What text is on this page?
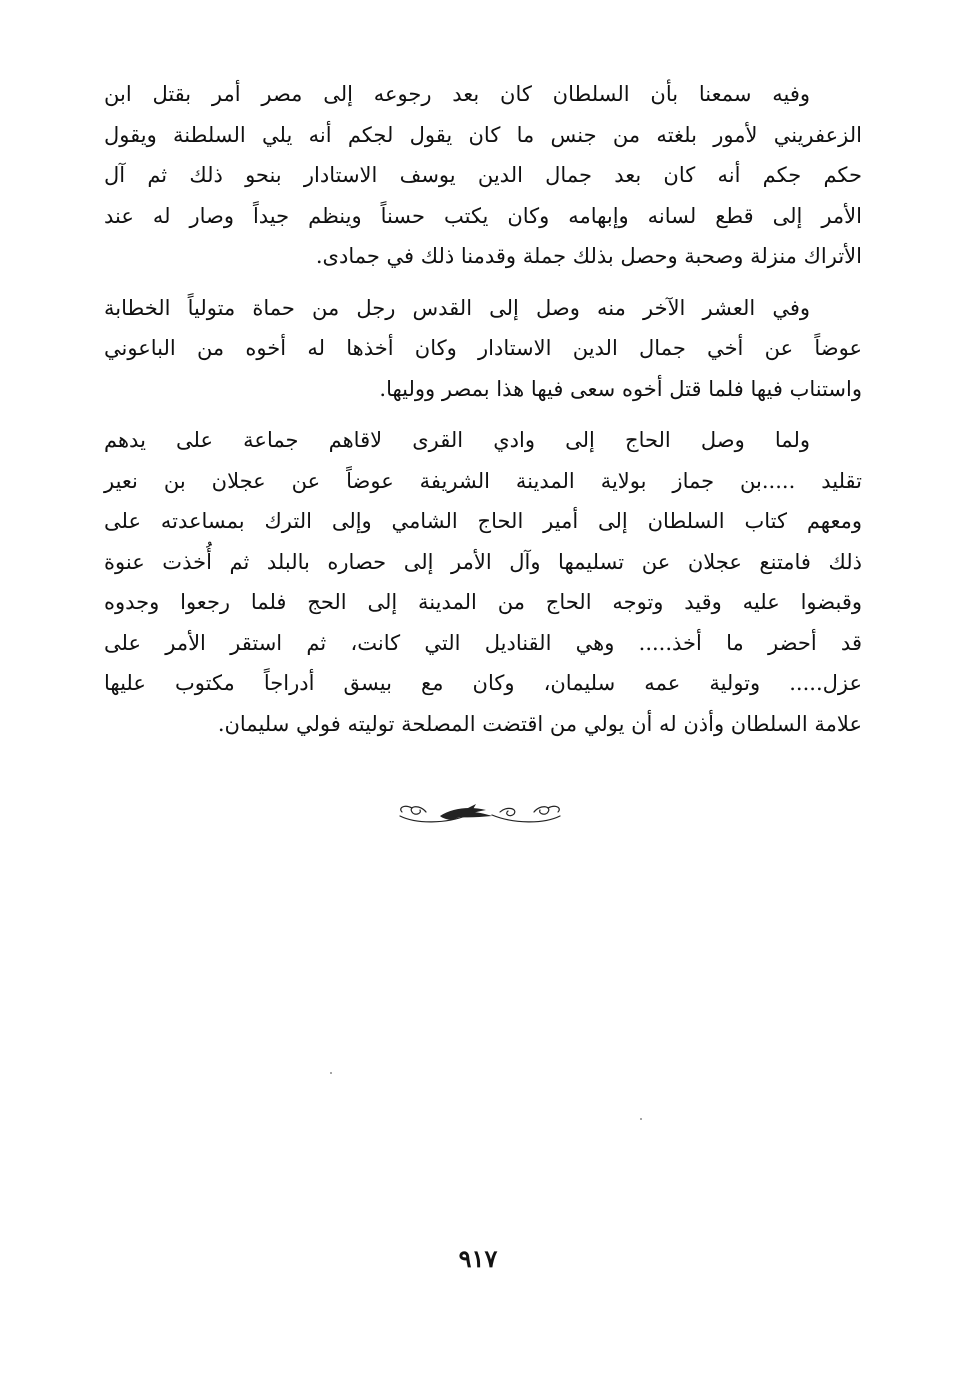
وفيه سمعنا بأن السلطان كان بعد رجوعه إلى مصر أمر بقتل ابن
الزعفريني لأمور بلغته من جنس ما كان يقول لجكم أنه يلي السلطنة ويقول
حكم جكم أنه كان بعد جمال الدين يوسف الاستادار بنحو ذلك ثم آل
الأمر إلى قطع لسانه وإبهامه وكان يكتب حسناً وينظم جيداً وصار له عند
الأتراك منزلة وصحبة وحصل بذلك جملة وقدمنا ذلك في جمادى.

وفي العشر الآخر منه وصل إلى القدس رجل من حماة متولياً الخطابة
عوضاً عن أخي جمال الدين الاستادار وكان أخذها له أخوه من الباعوني
واستناب فيها فلما قتل أخوه سعى فيها هذا بمصر ووليها.

ولما وصل الحاج إلى وادي القرى لاقاهم جماعة على يدهم
تقليد .....بن جماز بولاية المدينة الشريفة عوضاً عن عجلان بن نعير
ومعهم كتاب السلطان إلى أمير الحاج الشامي وإلى الترك بمساعدته على
ذلك فامتنع عجلان عن تسليمها وآل الأمر إلى حصاره بالبلد ثم أُخذت عنوة
وقبضوا عليه وقيد وتوجه الحاج من المدينة إلى الحج فلما رجعوا وجدوه
قد أحضر ما أخذ..... وهي القناديل التي كانت، ثم استقر الأمر على
عزل..... وتولية عمه سليمان، وكان مع بيسق أدراجاً مكتوب عليها
علامة السلطان وأذن له أن يولي من اقتضت المصلحة توليته فولي سليمان.

٩١٧
